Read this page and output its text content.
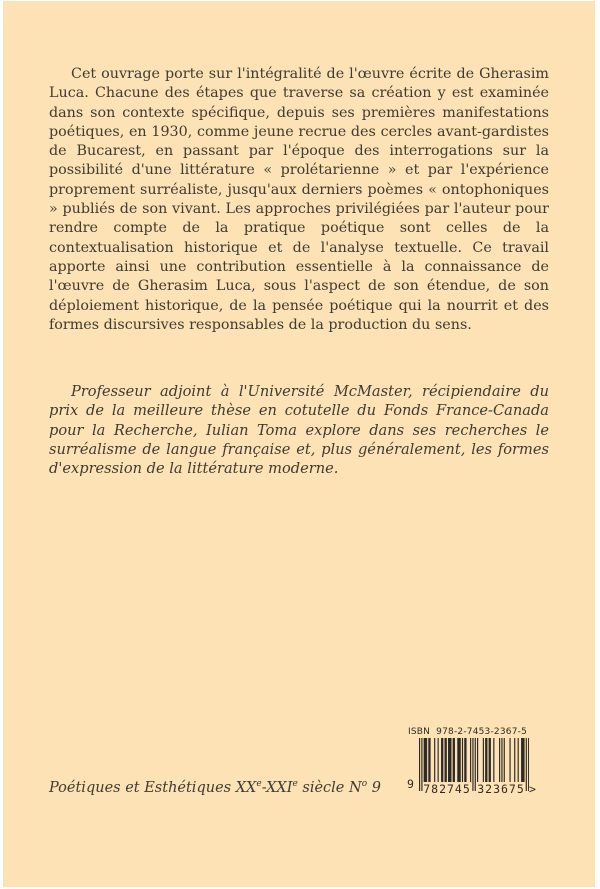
Cet ouvrage porte sur l'intégralité de l'œuvre écrite de Gherasim Luca. Chacune des étapes que traverse sa création y est examinée dans son contexte spécifique, depuis ses premières manifestations poétiques, en 1930, comme jeune recrue des cercles avant-gardistes de Bucarest, en passant par l'époque des interrogations sur la possibilité d'une littérature « prolétarienne » et par l'expérience proprement surréaliste, jusqu'aux derniers poèmes « ontophoniques » publiés de son vivant. Les approches privilégiées par l'auteur pour rendre compte de la pratique poétique sont celles de la contextualisation historique et de l'analyse textuelle. Ce travail apporte ainsi une contribution essentielle à la connaissance de l'œuvre de Gherasim Luca, sous l'aspect de son étendue, de son déploiement historique, de la pensée poétique qui la nourrit et des formes discursives responsables de la production du sens.

Professeur adjoint à l'Université McMaster, récipiendaire du prix de la meilleure thèse en cotutelle du Fonds France-Canada pour la Recherche, Iulian Toma explore dans ses recherches le surréalisme de langue française et, plus généralement, les formes d'expression de la littérature moderne.

Poétiques et Esthétiques XXe-XXIe siècle $N^o$ 9
ISBN  978-2-7453-2367-5
9 782745 323675 >
